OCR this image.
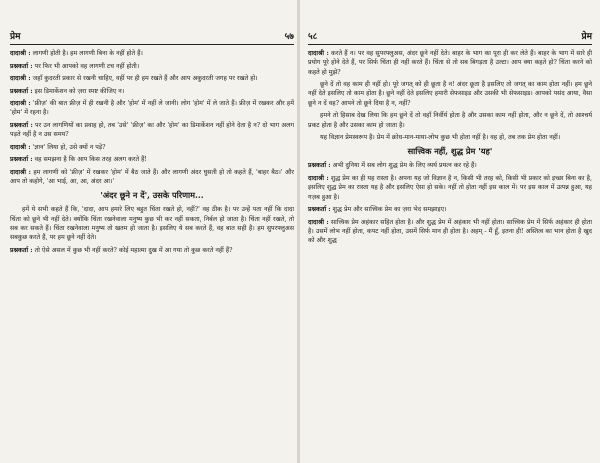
प्रेम	५७

दादाश्री : लागणी होती है। हम लागणी बिना के नहीं होते हैं।

प्रश्नकर्ता : पर फिर भी आपको वह लागणी टच नहीं होती।

दादाश्री : जहाँ कुदरती प्रकार से रखनी चाहिए, वहीं पर ही हम रखते हैं और आप अकुदरती जगह पर रखते हो।

प्रश्नकर्ता : इस डिमार्केशन को ज़रा स्पष्ट कीजिए न।

दादाश्री : 'फ्रीज़' की बात फ्रीज़ में ही रखनी है और 'होम' में नहीं ले जानी। लोग 'होम' में ले जाते हैं। फ्रीज़ में रखकर और हमें 'होम' में रहना है।

प्रश्नकर्ता : पर उन लागणियों का प्रवाह हो, तब 'उसे' 'फ्रीज़' का और 'होम' का डिमार्केशन नहीं होने देता है न? दो भाग अलग पड़ते नहीं है न उस समय?

दादाश्री : 'ज्ञान' लिया हो, उसे क्यों न पड़े?

प्रश्नकर्ता : वह समझना है कि आप किस तरह अलग करते हैं!

दादाश्री : हम लागणी को 'फ्रीज़' में रखकर 'होम' में बैठ जाते हैं। और लागणी अंदर घुसती हो तो कहते हैं, 'बाहर बैठ।' और आप तो कहोगे, 'आ भाई, आ, आ, अंदर आ।'

'अंदर छूने न दें', उसके परिणाम...

हमें ये सभी कहते हैं कि, 'दादा, आप हमारे लिए बहुत चिंता रखते हो, नहीं?' वह ठीक है। पर उन्हें पता नहीं कि दादा चिंता को छूने भी नहीं देते। क्योंकि चिंता रखनेवाला मनुष्य कुछ भी कर नहीं सकता, निर्बल हो जाता है। चिंता नहीं रखते, तो सब कर सकते हैं। चिंता रखनेवाला मनुष्य तो खतम हो जाता है। इसलिए ये सब करते हैं, वह बात सही है। हम सुपरफ्लुअस सबकुछ करते हैं, पर हम छूने नहीं देते।

प्रश्नकर्ता : तो ऐसे असल में कुछ भी नहीं करते? कोई महात्मा दुख में आ गया तो कुछ करते नहीं हैं?

५८	प्रेम

दादाश्री : करते हैं न। पर वह सुपरफ्लुअस, अंदर छूने नहीं देते। बाहर के भाग का पूरा ही कर लेते हैं। बाहर के भाग में सारे ही प्रयोग पूरे होने देते हैं, पर सिर्फ चिंता ही नहीं करते हैं। चिंता से तो सब बिगड़ता है उल्टा। आप क्या कहते हो? चिंता करने को कहते हो मुझे?

छूने दें तो वह काम ही नहीं हो। पूरे जगत् को ही छूता है न! अंदर छूता है इसलिए तो जगत् का काम होता नहीं। हम छूने नहीं देते इसलिए तो काम होता है। छूने नहीं देते इसलिए हमारी सेफसाइड और उसकी भी सेफसाइड। आपको पसंद आया, वैसा छूने न दें वह? आपने तो छूने दिया है न, नहीं?

हमने तो हिसाब देख लिया कि हम छूने दें तो वहाँ निर्वीर्य होता है और उसका काम नहीं होता, और न छूने दें, तो आश्चर्य प्रकट होता है और उसका काम हो जाता है।

यह विज्ञान प्रेमस्वरूप है। प्रेम में क्रोध-मान-माया-लोभ कुछ भी होता नहीं है। वह हो, तब तक प्रेम होता नहीं।

सात्त्विक नहीं, शुद्ध प्रेम 'यह'

प्रश्नकर्ता : अभी दुनिया में सब लोग शुद्ध प्रेम के लिए व्यर्थ प्रयत्न कर रहे हैं।

दादाश्री : शुद्ध प्रेम का ही यह रास्ता है। अपना यह जो विज्ञान है न, किसी भी तरह को, किसी भी प्रकार को इच्छा बिना का है, इसलिए शुद्ध प्रेम का रास्ता यह है और इसलिए ऐसा हो सके। नहीं तो होता नहीं इस काल में। पर इस काल में उत्पन्न हुआ, यह गज़ब हुआ है।

प्रश्नकर्ता : शुद्ध प्रेम और सात्त्विक प्रेम का ज़रा भेद समझाइए।

दादाश्री : सात्त्विक प्रेम अहंकार सहित होता है। और शुद्ध प्रेम में अहंकार भी नहीं होता। सात्त्विक प्रेम में सिर्फ अहंकार ही होता है। उसमें लोभ नहीं होता, कपट नहीं होता, उसमें सिर्फ मान ही होता है। अहम् - मैं हूँ, इतना ही! अस्तित्व का भान होता है खुद को और शुद्ध
